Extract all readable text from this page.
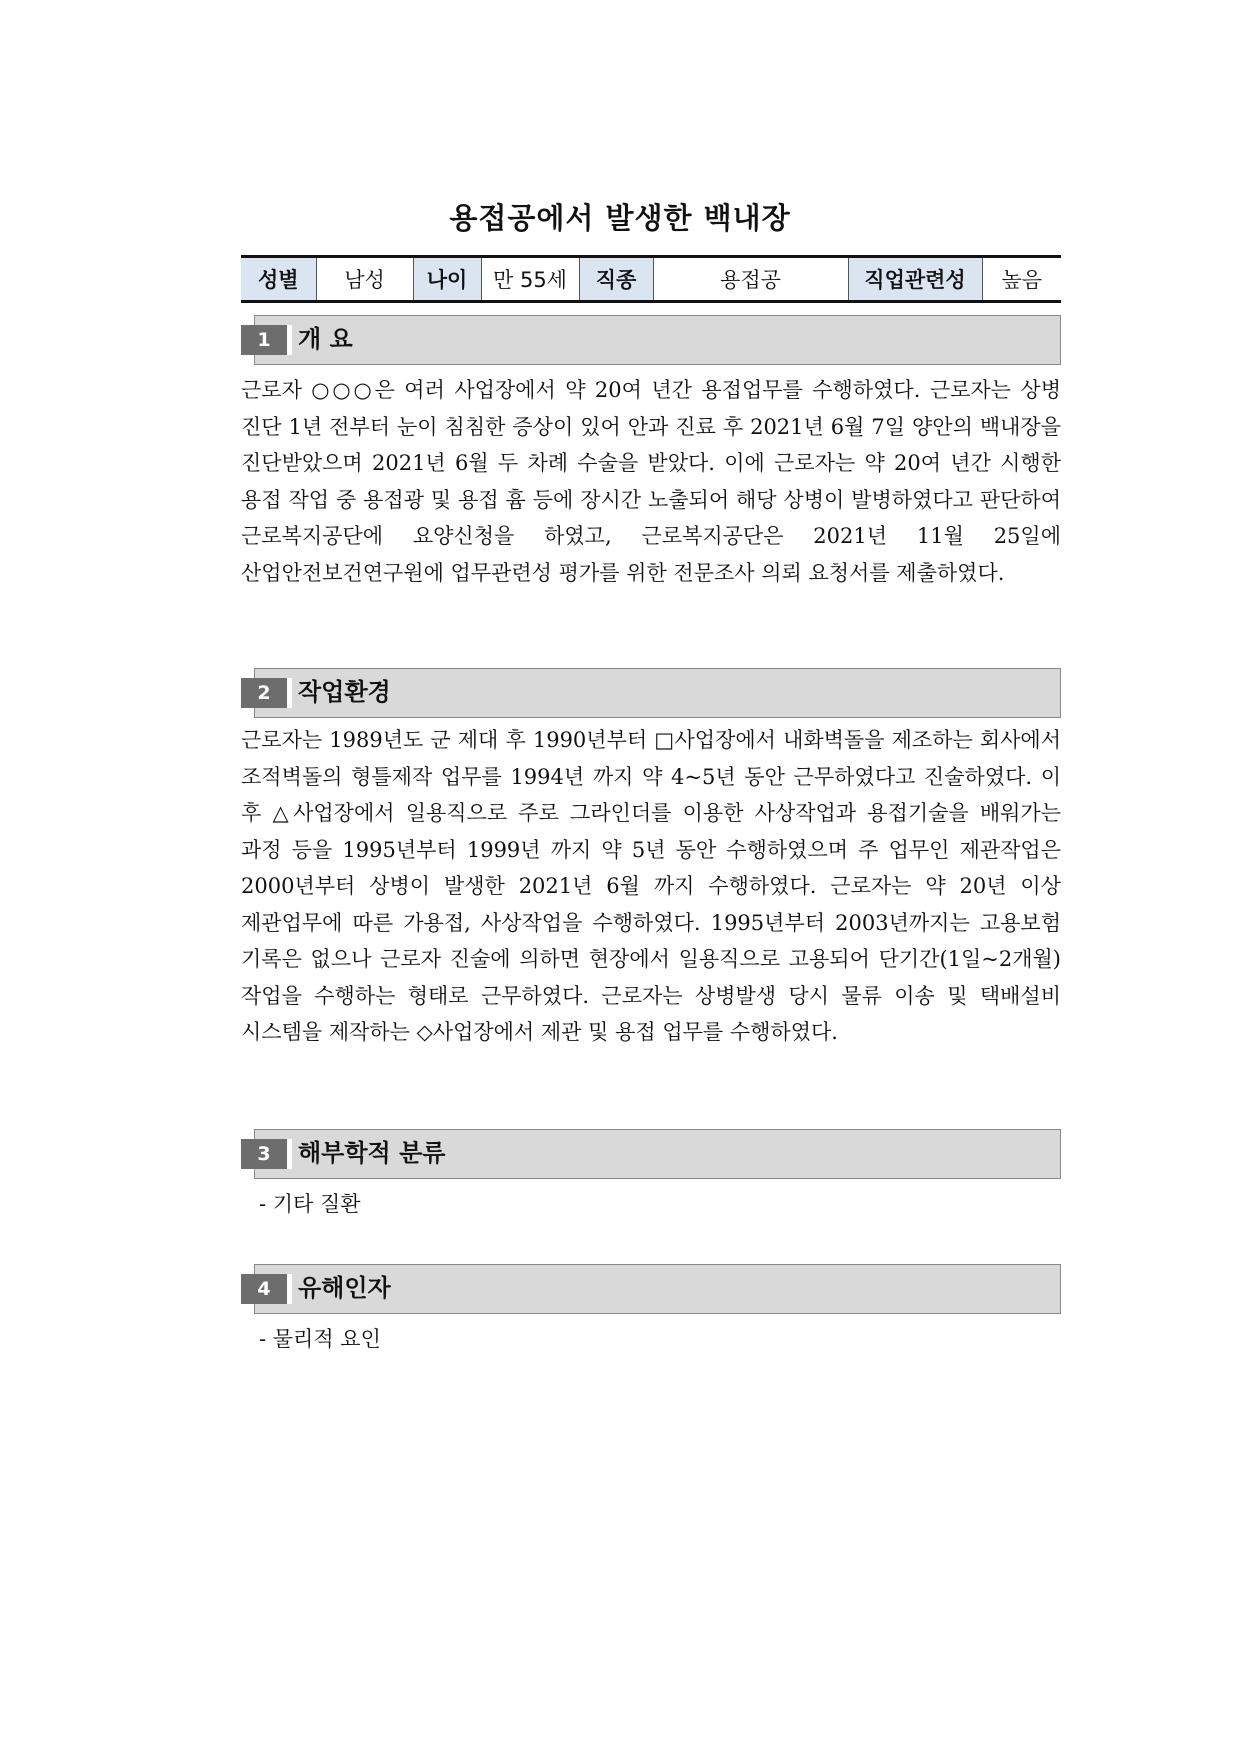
용접공에서 발생한 백내장
성별	남성	나이	만 55세	직종	용접공	직업관련성	높음
1	개 요

근로자 ○○○은 여러 사업장에서 약 20여 년간 용접업무를 수행하였다. 근로자는 상병 진단 1년 전부터 눈이 침침한 증상이 있어 안과 진료 후 2021년 6월 7일 양안의 백내장을 진단받았으며 2021년 6월 두 차례 수술을 받았다. 이에 근로자는 약 20여 년간 시행한 용접 작업 중 용접광 및 용접 흄 등에 장시간 노출되어 해당 상병이 발병하였다고 판단하여 근로복지공단에 요양신청을 하였고, 근로복지공단은 2021년 11월 25일에 산업안전보건연구원에 업무관련성 평가를 위한 전문조사 의뢰 요청서를 제출하였다.

2	작업환경

근로자는 1989년도 군 제대 후 1990년부터 □사업장에서 내화벽돌을 제조하는 회사에서 조적벽돌의 형틀제작 업무를 1994년 까지 약 4~5년 동안 근무하였다고 진술하였다. 이 후 △사업장에서 일용직으로 주로 그라인더를 이용한 사상작업과 용접기술을 배워가는 과정 등을 1995년부터 1999년 까지 약 5년 동안 수행하였으며 주 업무인 제관작업은 2000년부터 상병이 발생한 2021년 6월 까지 수행하였다. 근로자는 약 20년 이상 제관업무에 따른 가용접, 사상작업을 수행하였다. 1995년부터 2003년까지는 고용보험 기록은 없으나 근로자 진술에 의하면 현장에서 일용직으로 고용되어 단기간(1일~2개월) 작업을 수행하는 형태로 근무하였다. 근로자는 상병발생 당시 물류 이송 및 택배설비 시스템을 제작하는 ◇사업장에서 제관 및 용접 업무를 수행하였다.

3	해부학적 분류
- 기타 질환
4	유해인자
- 물리적 요인
